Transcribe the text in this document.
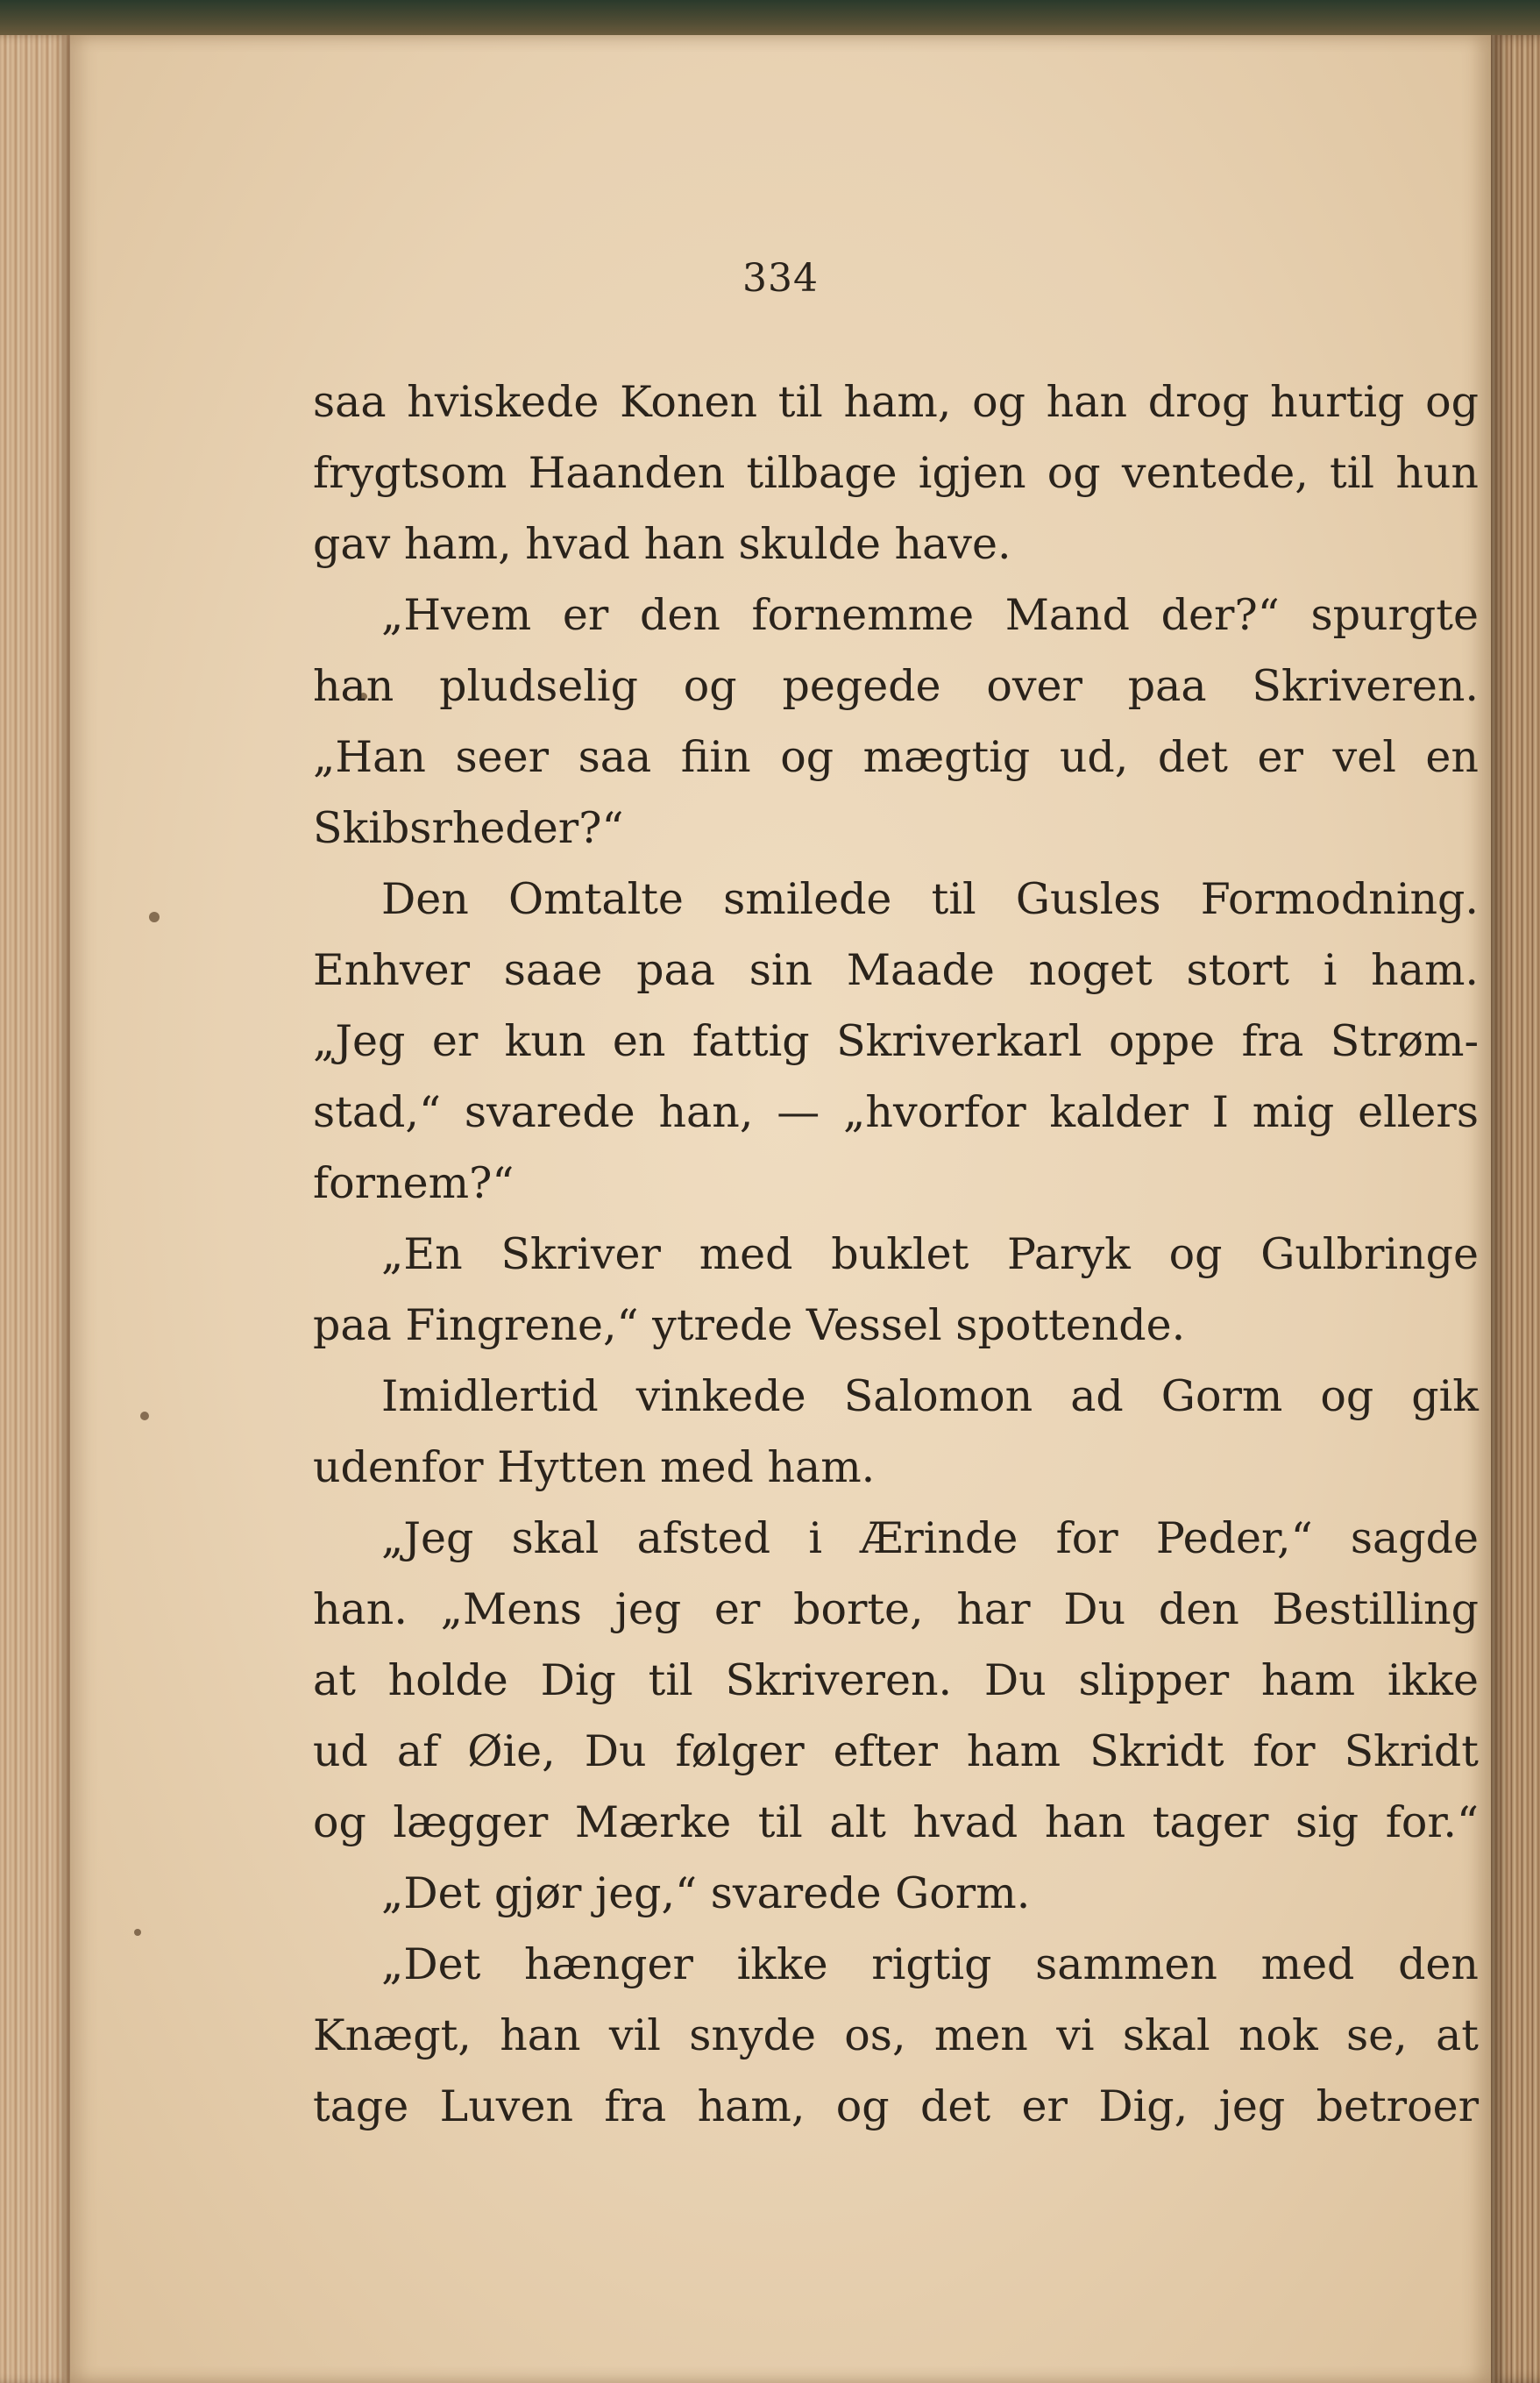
334
saa hviskede Konen til ham, og han drog hurtig og
frygtsom Haanden tilbage igjen og ventede, til hun
gav ham, hvad han skulde have.
„Hvem er den fornemme Mand der?“ spurgte
han pludselig og pegede over paa Skriveren.
„Han seer saa fiin og mægtig ud, det er vel en
Skibsrheder?“
Den Omtalte smilede til Gusles Formodning.
Enhver saae paa sin Maade noget stort i ham.
„Jeg er kun en fattig Skriverkarl oppe fra Strøm-
stad,“ svarede han, — „hvorfor kalder I mig ellers
fornem?“
„En Skriver med buklet Paryk og Gulbringe
paa Fingrene,“ ytrede Vessel spottende.
Imidlertid vinkede Salomon ad Gorm og gik
udenfor Hytten med ham.
„Jeg skal afsted i Ærinde for Peder,“ sagde
han. „Mens jeg er borte, har Du den Bestilling
at holde Dig til Skriveren. Du slipper ham ikke
ud af Øie, Du følger efter ham Skridt for Skridt
og lægger Mærke til alt hvad han tager sig for.“
„Det gjør jeg,“ svarede Gorm.
„Det hænger ikke rigtig sammen med den
Knægt, han vil snyde os, men vi skal nok se, at
tage Luven fra ham, og det er Dig, jeg betroer
